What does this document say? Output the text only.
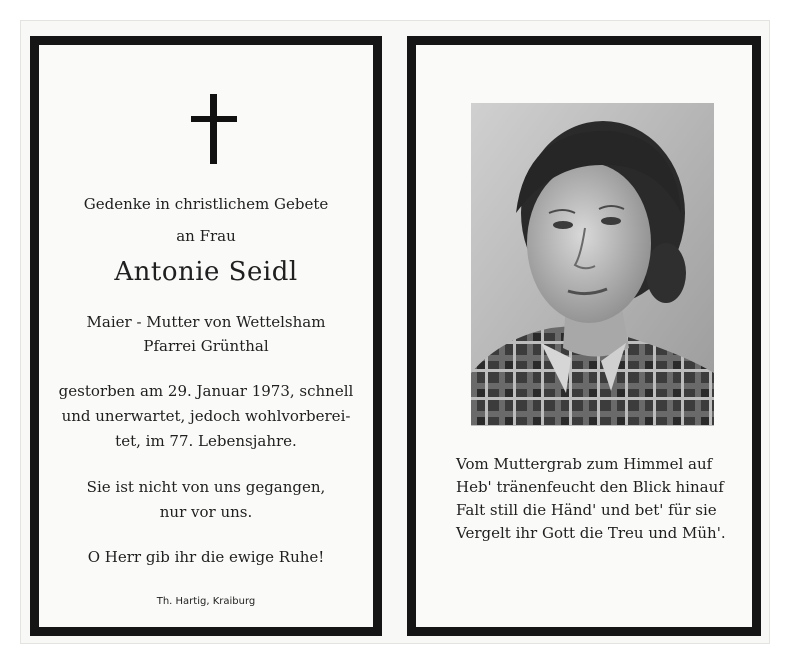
Gedenke in christlichem Gebete
an Frau
Antonie Seidl
Maier - Mutter von Wettelsham
Pfarrei Grünthal
gestorben am 29. Januar 1973, schnell
und unerwartet, jedoch wohlvorberei-
tet, im 77. Lebensjahre.
Sie ist nicht von uns gegangen,
nur vor uns.
O Herr gib ihr die ewige Ruhe!
Th. Hartig, Kraiburg
Vom Muttergrab zum Himmel auf
Heb' tränenfeucht den Blick hinauf
Falt still die Händ' und bet' für sie
Vergelt ihr Gott die Treu und Müh'.
